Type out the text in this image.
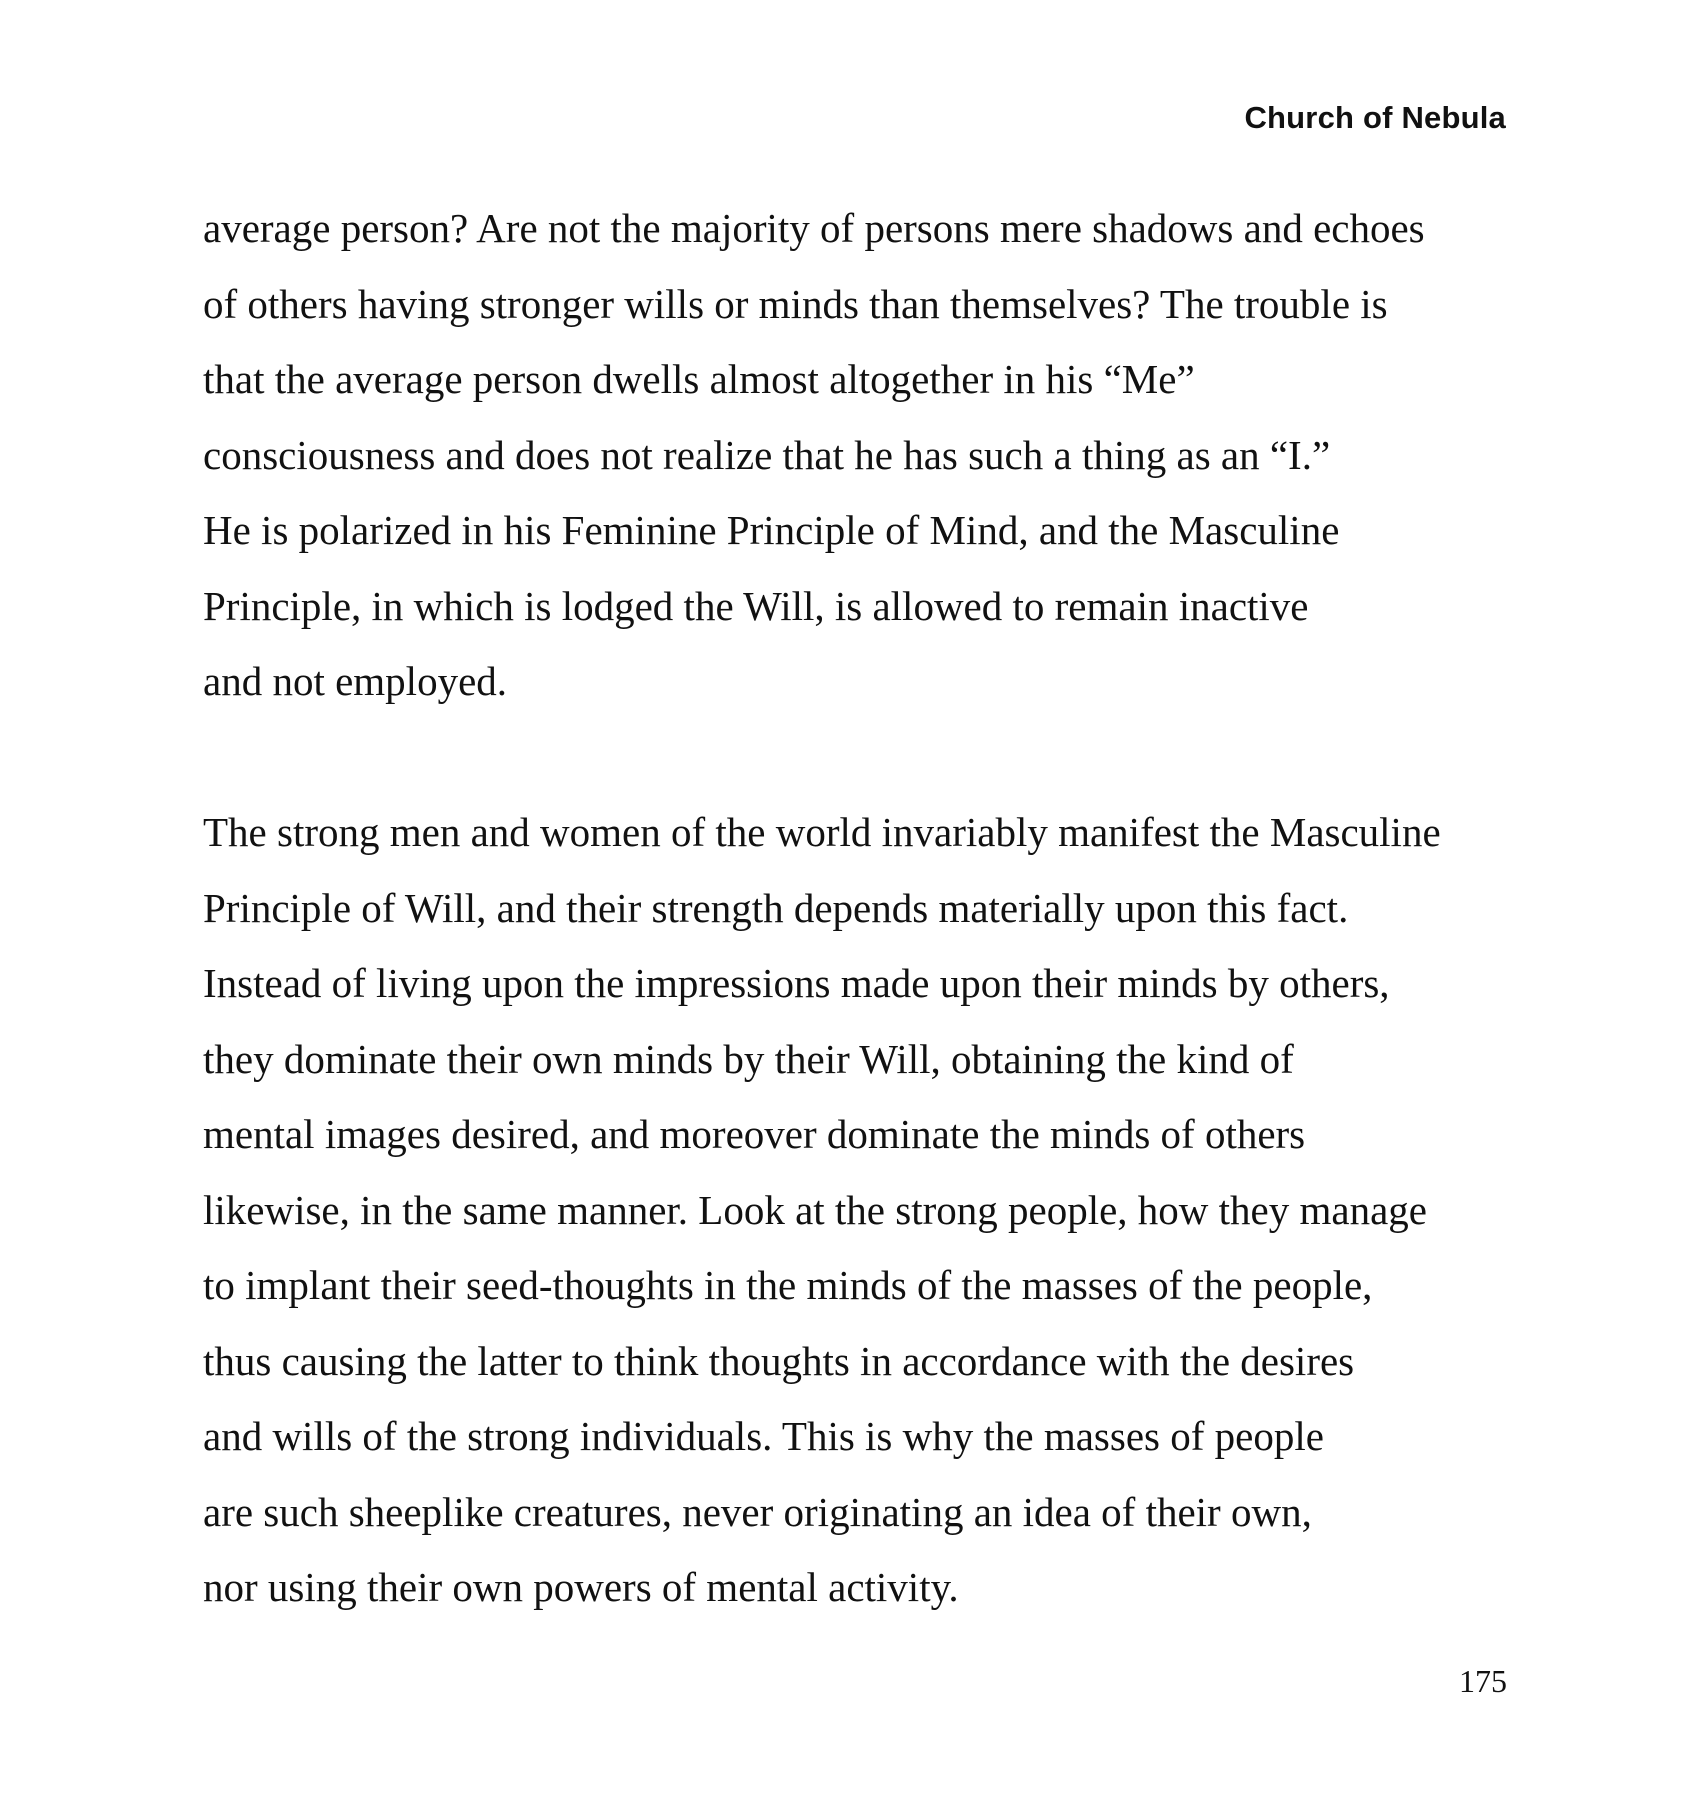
Church of Nebula
average person? Are not the majority of persons mere shadows and echoes
of others having stronger wills or minds than themselves? The trouble is
that the average person dwells almost altogether in his “Me”
consciousness and does not realize that he has such a thing as an “I.”
He is polarized in his Feminine Principle of Mind, and the Masculine
Principle, in which is lodged the Will, is allowed to remain inactive
and not employed.
The strong men and women of the world invariably manifest the Masculine
Principle of Will, and their strength depends materially upon this fact.
Instead of living upon the impressions made upon their minds by others,
they dominate their own minds by their Will, obtaining the kind of
mental images desired, and moreover dominate the minds of others
likewise, in the same manner. Look at the strong people, how they manage
to implant their seed-thoughts in the minds of the masses of the people,
thus causing the latter to think thoughts in accordance with the desires
and wills of the strong individuals. This is why the masses of people
are such sheeplike creatures, never originating an idea of their own,
nor using their own powers of mental activity.
175
